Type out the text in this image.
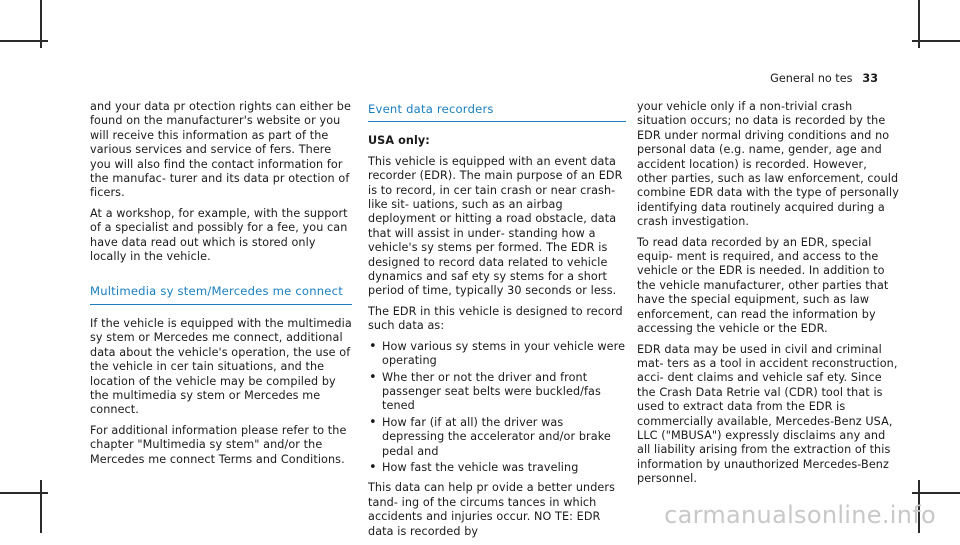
General no tes 33

and your data pr otection rights can either be found on the manufacturer's website or you will receive this information as part of the various services and service of fers. There you will also find the contact information for the manufac‐ turer and its data pr otection of ficers.

At a workshop, for example, with the support of a specialist and possibly for a fee, you can have data read out which is stored only locally in the vehicle.

Multimedia sy stem/Mercedes me connect

If the vehicle is equipped with the multimedia sy stem or Mercedes me connect, additional data about the vehicle's operation, the use of the vehicle in cer tain situations, and the location of the vehicle may be compiled by the multimedia sy stem or Mercedes me connect.

For additional information please refer to the chapter "Multimedia sy stem" and/or the Mercedes me connect Terms and Conditions.

Event data recorders

USA only:

This vehicle is equipped with an event data recorder (EDR). The main purpose of an EDR is to record, in cer tain crash or near crash-like sit‐ uations, such as an airbag deployment or hitting a road obstacle, data that will assist in under‐ standing how a vehicle's sy stems per formed. The EDR is designed to record data related to vehicle dynamics and saf ety sy stems for a short period of time, typically 30 seconds or less.

The EDR in this vehicle is designed to record such data as:

• How various sy stems in your vehicle were operating
• Whe ther or not the driver and front passenger seat belts were buckled/fas tened
• How far (if at all) the driver was depressing the accelerator and/or brake pedal and
• How fast the vehicle was traveling

This data can help pr ovide a better unders tand‐ ing of the circums tances in which accidents and injuries occur. NO TE: EDR data is recorded by

your vehicle only if a non-trivial crash situation occurs; no data is recorded by the EDR under normal driving conditions and no personal data (e.g. name, gender, age and accident location) is recorded. However, other parties, such as law enforcement, could combine EDR data with the type of personally identifying data routinely acquired during a crash investigation.

To read data recorded by an EDR, special equip‐ ment is required, and access to the vehicle or the EDR is needed. In addition to the vehicle manufacturer, other parties that have the special equipment, such as law enforcement, can read the information by accessing the vehicle or the EDR.

EDR data may be used in civil and criminal mat‐ ters as a tool in accident reconstruction, acci‐ dent claims and vehicle saf ety. Since the Crash Data Retrie val (CDR) tool that is used to extract data from the EDR is commercially available, Mercedes-Benz USA, LLC ("MBUSA") expressly disclaims any and all liability arising from the extraction of this information by unauthorized Mercedes-Benz personnel.

carmanualsonline.info
